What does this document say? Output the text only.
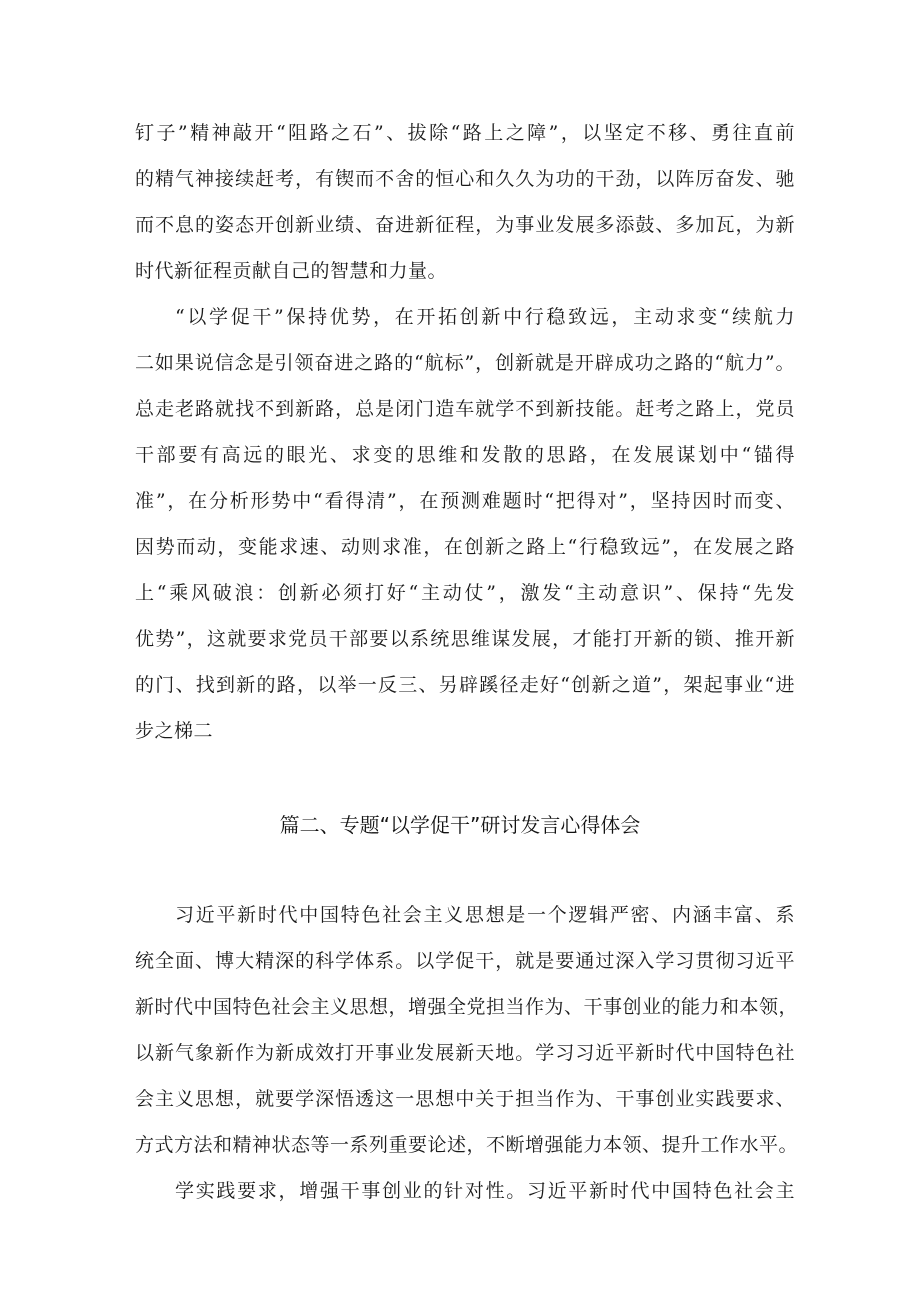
钉子”精神敲开“阻路之石”、拔除“路上之障”，以坚定不移、勇往直前
的精气神接续赶考，有锲而不舍的恒心和久久为功的干劲，以阵厉奋发、驰
而不息的姿态开创新业绩、奋进新征程，为事业发展多添鼓、多加瓦，为新
时代新征程贡献自己的智慧和力量。
“以学促干”保持优势，在开拓创新中行稳致远，主动求变“续航力
二如果说信念是引领奋进之路的“航标”，创新就是开辟成功之路的“航力”。
总走老路就找不到新路，总是闭门造车就学不到新技能。赶考之路上，党员
干部要有高远的眼光、求变的思维和发散的思路，在发展谋划中“锚得
准”，在分析形势中“看得清”，在预测难题时“把得对”，坚持因时而变、
因势而动，变能求速、动则求准，在创新之路上“行稳致远”，在发展之路
上“乘风破浪：创新必须打好“主动仗”，激发“主动意识”、保持“先发
优势”，这就要求党员干部要以系统思维谋发展，才能打开新的锁、推开新
的门、找到新的路，以举一反三、另辟蹊径走好“创新之道”，架起事业“进
步之梯二
篇二、专题“以学促干”研讨发言心得体会
习近平新时代中国特色社会主义思想是一个逻辑严密、内涵丰富、系
统全面、博大精深的科学体系。以学促干，就是要通过深入学习贯彻习近平
新时代中国特色社会主义思想，增强全党担当作为、干事创业的能力和本领，
以新气象新作为新成效打开事业发展新天地。学习习近平新时代中国特色社
会主义思想，就要学深悟透这一思想中关于担当作为、干事创业实践要求、
方式方法和精神状态等一系列重要论述，不断增强能力本领、提升工作水平。
学实践要求，增强干事创业的针对性。习近平新时代中国特色社会主
